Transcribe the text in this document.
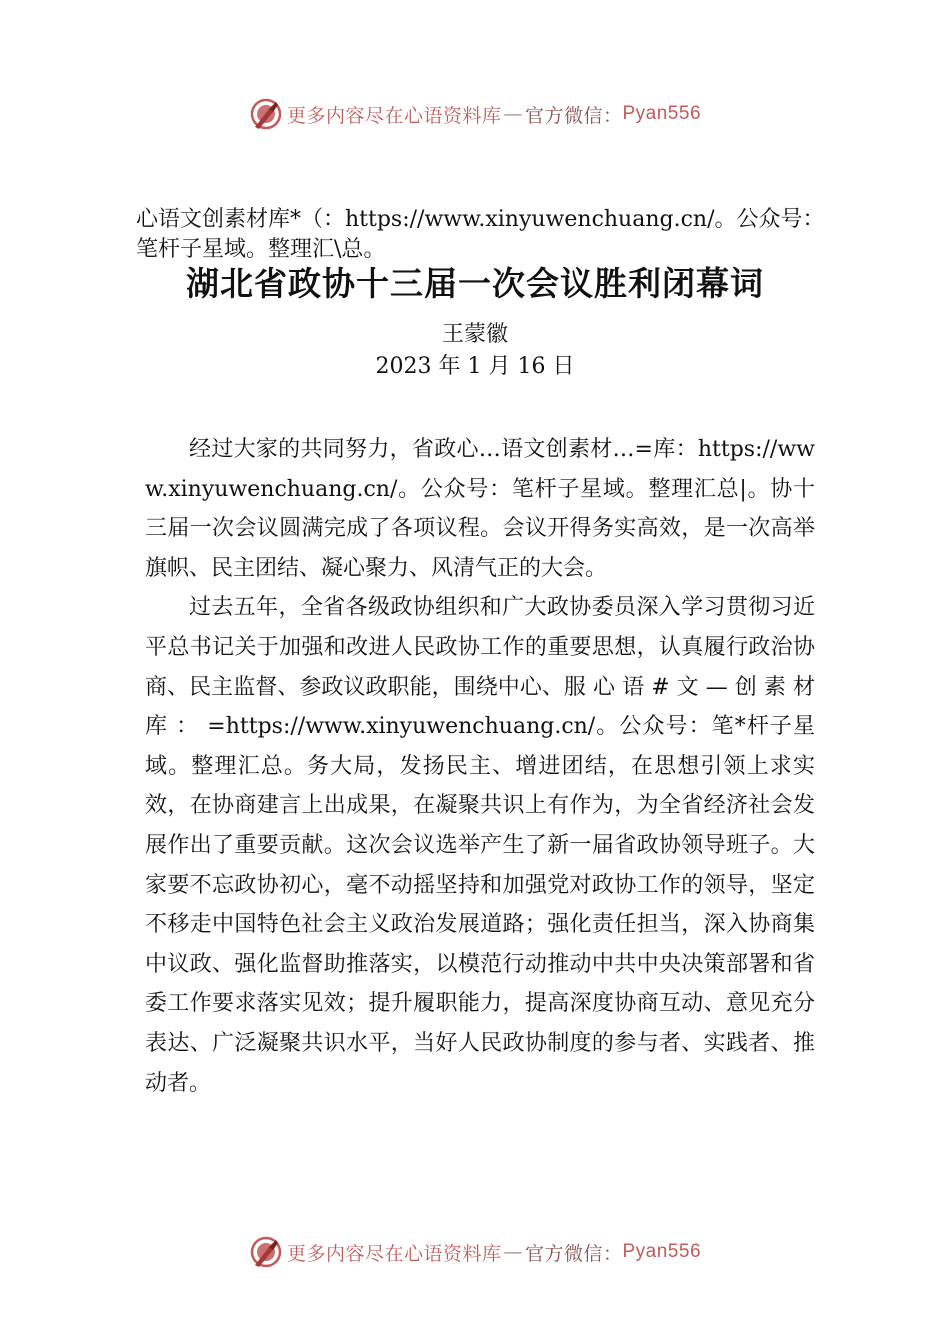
更多内容尽在心语资料库 — 官方微信： Pyan556
心语文创素材库*（：https://www.xinyuwenchuang.cn/。公众号：笔杆子星域。整理汇\总。
湖北省政协十三届一次会议胜利闭幕词
王蒙徽
2023 年 1 月 16 日

经过大家的共同努力，省政心…语文创素材…=库：https://www.xinyuwenchuang.cn/。公众号：笔杆子星域。整理汇总|。协十三届一次会议圆满完成了各项议程。会议开得务实高效，是一次高举旗帜、民主团结、凝心聚力、风清气正的大会。

过去五年，全省各级政协组织和广大政协委员深入学习贯彻习近平总书记关于加强和改进人民政协工作的重要思想，认真履行政治协商、民主监督、参政议政职能，围绕中心、服 心 语 # 文 — 创 素 材 库 ： =https://www.xinyuwenchuang.cn/。公众号：笔*杆子星域。整理汇总。务大局，发扬民主、增进团结，在思想引领上求实效，在协商建言上出成果，在凝聚共识上有作为，为全省经济社会发展作出了重要贡献。这次会议选举产生了新一届省政协领导班子。大家要不忘政协初心，毫不动摇坚持和加强党对政协工作的领导，坚定不移走中国特色社会主义政治发展道路；强化责任担当，深入协商集中议政、强化监督助推落实，以模范行动推动中共中央决策部署和省委工作要求落实见效；提升履职能力，提高深度协商互动、意见充分表达、广泛凝聚共识水平，当好人民政协制度的参与者、实践者、推动者。

更多内容尽在心语资料库 — 官方微信： Pyan556
